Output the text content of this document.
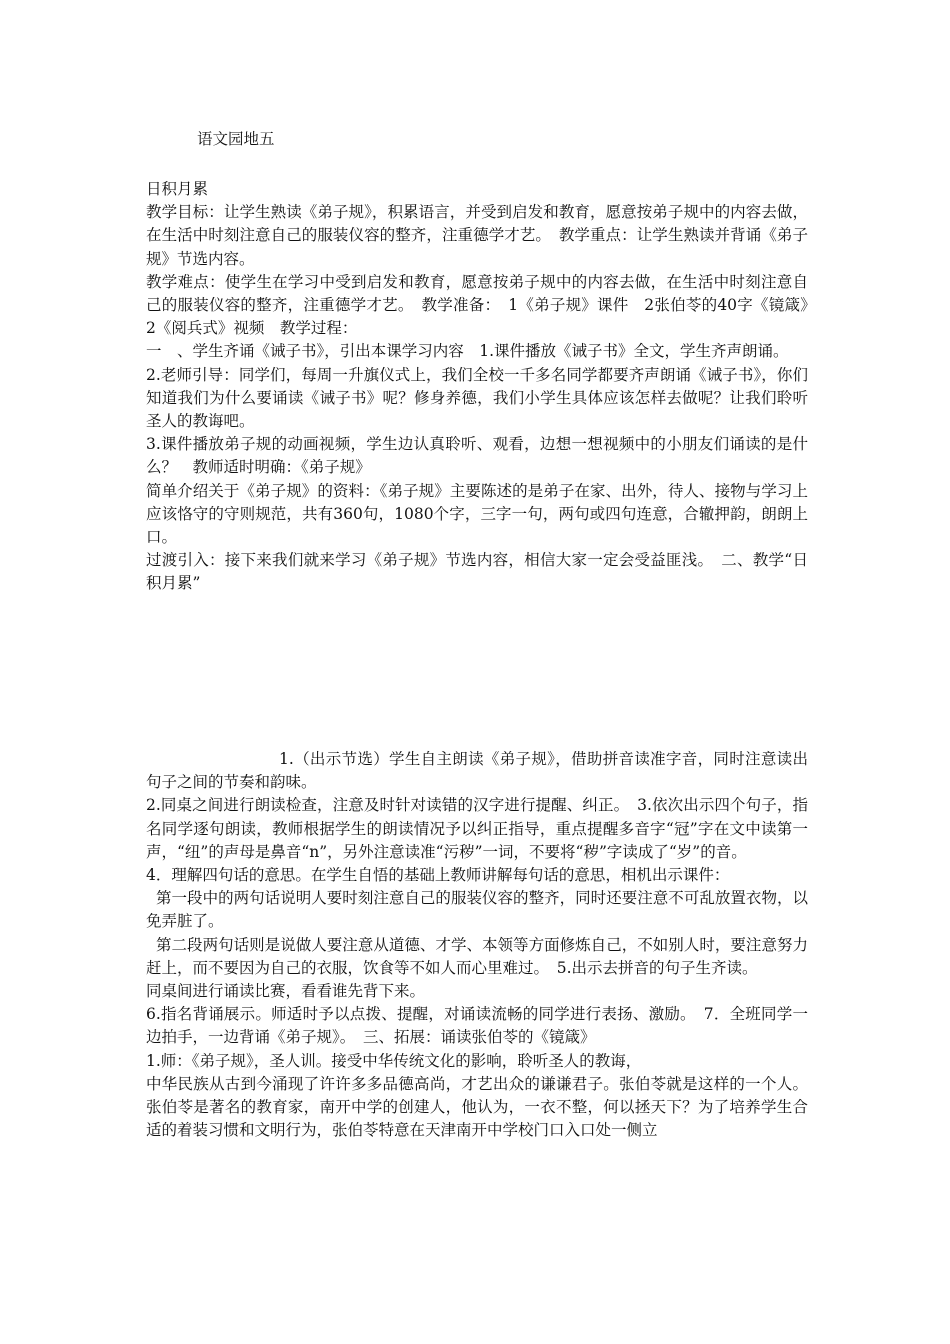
语文园地五

日积月累

教学目标：让学生熟读《弟子规》，积累语言，并受到启发和教育，愿意按弟子规中的内容去做，在生活中时刻注意自己的服装仪容的整齐，注重德学才艺。　教学重点：让学生熟读并背诵《弟子规》节选内容。

教学难点：使学生在学习中受到启发和教育，愿意按弟子规中的内容去做，在生活中时刻注意自己的服装仪容的整齐，注重德学才艺。　教学准备：　1《弟子规》课件　2张伯苓的40字《镜箴》　2《阅兵式》视频　教学过程：

一　、学生齐诵《诫子书》，引出本课学习内容　1.课件播放《诫子书》全文，学生齐声朗诵。

2.老师引导：同学们，每周一升旗仪式上，我们全校一千多名同学都要齐声朗诵《诫子书》，你们知道我们为什么要诵读《诫子书》呢？修身养德，我们小学生具体应该怎样去做呢？让我们聆听圣人的教诲吧。

3.课件播放弟子规的动画视频，学生边认真聆听、观看，边想一想视频中的小朋友们诵读的是什么？　教师适时明确：《弟子规》

简单介绍关于《弟子规》的资料：《弟子规》主要陈述的是弟子在家、出外，待人、接物与学习上应该恪守的守则规范，共有360句，1080个字，三字一句，两句或四句连意，合辙押韵，朗朗上口。

过渡引入：接下来我们就来学习《弟子规》节选内容，相信大家一定会受益匪浅。　二、教学“日积月累”

1.（出示节选）学生自主朗读《弟子规》，借助拼音读准字音，同时注意读出句子之间的节奏和韵味。

2.同桌之间进行朗读检查，注意及时针对读错的汉字进行提醒、纠正。　3.依次出示四个句子，指名同学逐句朗读，教师根据学生的朗读情况予以纠正指导，重点提醒多音字“冠”字在文中读第一声，“纽”的声母是鼻音“n”，另外注意读准“污秽”一词，不要将“秽”字读成了“岁”的音。

4．理解四句话的意思。在学生自悟的基础上教师讲解每句话的意思，相机出示课件：

第一段中的两句话说明人要时刻注意自己的服装仪容的整齐，同时还要注意不可乱放置衣物，以免弄脏了。

第二段两句话则是说做人要注意从道德、才学、本领等方面修炼自己，不如别人时，要注意努力赶上，而不要因为自己的衣服，饮食等不如人而心里难过。　5.出示去拼音的句子生齐读。

同桌间进行诵读比赛，看看谁先背下来。

6.指名背诵展示。师适时予以点拨、提醒，对诵读流畅的同学进行表扬、激励。　7．全班同学一边拍手，一边背诵《弟子规》。　三、拓展：诵读张伯苓的《镜箴》

1.师：《弟子规》，圣人训。接受中华传统文化的影响，聆听圣人的教诲，

中华民族从古到今涌现了许许多多品德高尚，才艺出众的谦谦君子。张伯苓就是这样的一个人。张伯苓是著名的教育家，南开中学的创建人，他认为，一衣不整，何以拯天下？为了培养学生合适的着装习惯和文明行为，张伯苓特意在天津南开中学校门口入口处一侧立
